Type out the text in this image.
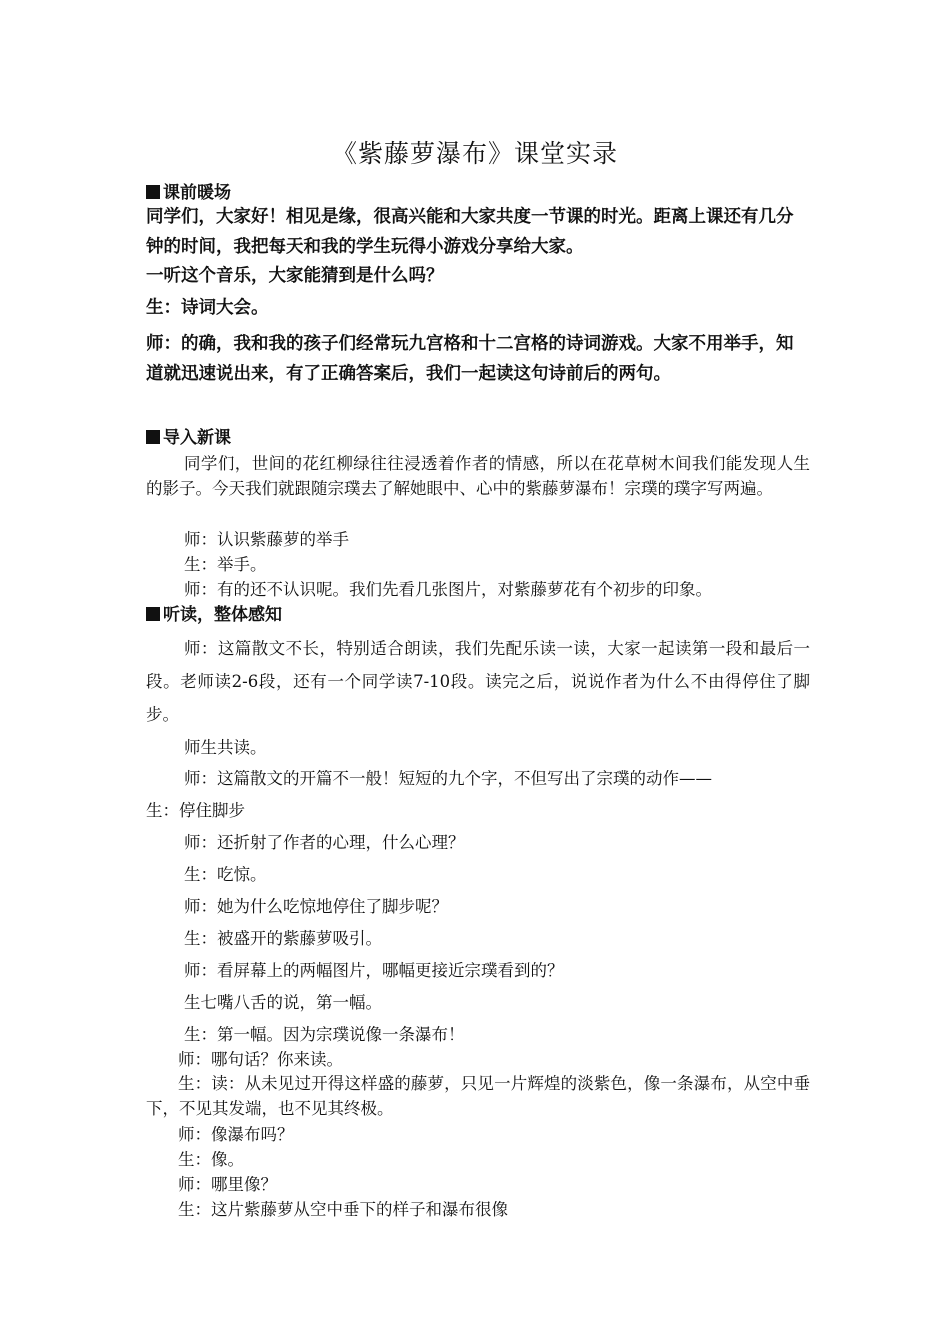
《紫藤萝瀑布》课堂实录
课前暖场

同学们，大家好！相见是缘，很高兴能和大家共度一节课的时光。距离上课还有几分钟的时间，我把每天和我的学生玩得小游戏分享给大家。

一听这个音乐，大家能猜到是什么吗？

生：诗词大会。

师：的确，我和我的孩子们经常玩九宫格和十二宫格的诗词游戏。大家不用举手，知道就迅速说出来，有了正确答案后，我们一起读这句诗前后的两句。

导入新课

同学们，世间的花红柳绿往往浸透着作者的情感，所以在花草树木间我们能发现人生的影子。今天我们就跟随宗璞去了解她眼中、心中的紫藤萝瀑布！宗璞的璞字写两遍。

师：认识紫藤萝的举手
生：举手。
师：有的还不认识呢。我们先看几张图片，对紫藤萝花有个初步的印象。
听读，整体感知

师：这篇散文不长，特别适合朗读，我们先配乐读一读，大家一起读第一段和最后一段。老师读2-6段，还有一个同学读7-10段。读完之后，说说作者为什么不由得停住了脚步。

师生共读。
师：这篇散文的开篇不一般！短短的九个字，不但写出了宗璞的动作——
生：停住脚步
师：还折射了作者的心理，什么心理？
生：吃惊。
师：她为什么吃惊地停住了脚步呢？
生：被盛开的紫藤萝吸引。
师：看屏幕上的两幅图片，哪幅更接近宗璞看到的？
生七嘴八舌的说，第一幅。
生：第一幅。因为宗璞说像一条瀑布！
师：哪句话？你来读。

生：读：从未见过开得这样盛的藤萝，只见一片辉煌的淡紫色，像一条瀑布，从空中垂下，不见其发端，也不见其终极。

师：像瀑布吗？
生：像。
师：哪里像？
生：这片紫藤萝从空中垂下的样子和瀑布很像
